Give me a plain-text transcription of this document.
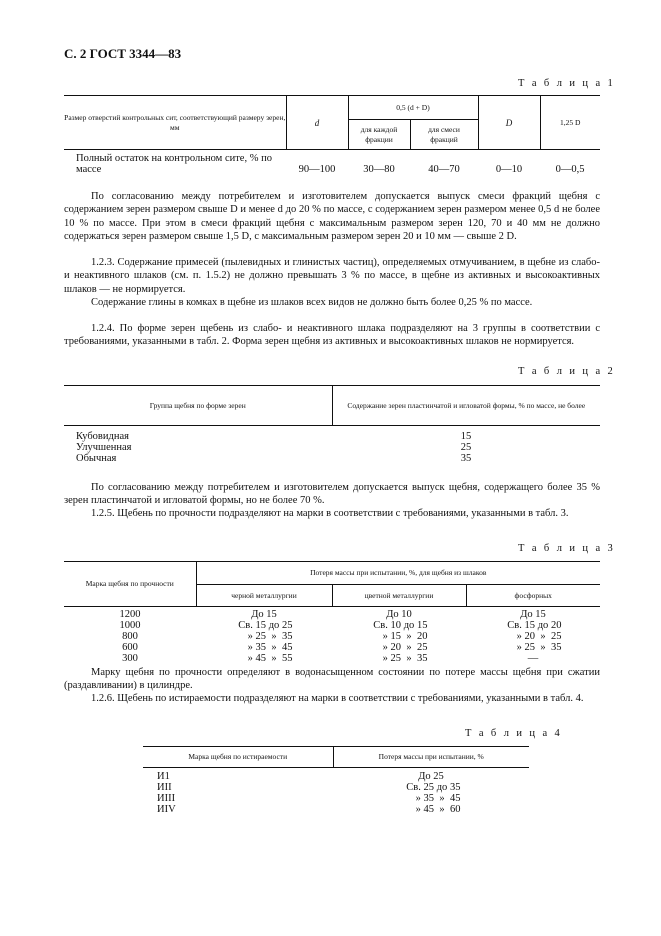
С. 2 ГОСТ 3344—83
Т а б л и ц а 1
Размер отверстий контрольных сит, соответствующий размеру зерен, мм	d	0,5 (d + D)		D	1,25 D
		для каждой фракции	для смеси фракций		
Полный остаток на контрольном сите, % по массе	90—100	30—80	40—70	0—10	0—0,5
По согласованию между потребителем и изготовителем допускается выпуск смеси фракций щебня с содержанием зерен размером свыше D и менее d до 20 % по массе, с содержанием зерен размером менее 0,5 d не более 10 % по массе. При этом в смеси фракций щебня с максимальным размером зерен 120, 70 и 40 мм не должно содержаться зерен размером свыше 1,5 D, с максимальным размером зерен 20 и 10 мм — свыше 2 D.
1.2.3. Содержание примесей (пылевидных и глинистых частиц), определяемых отмучиванием, в щебне из слабо- и неактивного шлаков (см. п. 1.5.2) не должно превышать 3 % по массе, в щебне из активных и высокоактивных шлаков — не нормируется.
Содержание глины в комках в щебне из шлаков всех видов не должно быть более 0,25 % по массе.
1.2.4. По форме зерен щебень из слабо- и неактивного шлака подразделяют на 3 группы в соответствии с требованиями, указанными в табл. 2. Форма зерен щебня из активных и высокоактивных шлаков не нормируется.
Т а б л и ц а 2
Группа щебня по форме зерен	Содержание зерен пластинчатой и игловатой формы, % по массе, не более
Кубовидная	15
Улучшенная	25
Обычная	35
По согласованию между потребителем и изготовителем допускается выпуск щебня, содержащего более 35 % зерен пластинчатой и игловатой формы, но не более 70 %.
1.2.5. Щебень по прочности подразделяют на марки в соответствии с требованиями, указанными в табл. 3.
Т а б л и ц а 3
Марка щебня по прочности	Потеря массы при испытании, %, для щебня из шлаков		
	черной металлургии	цветной металлургии	фосфорных
1200	До 15	До 10	До 15
1000	Св. 15 до 25	Св. 10 до 15	Св. 15 до 20
800	» 25 » 35	» 15 » 20	» 20 » 25
600	» 35 » 45	» 20 » 25	» 25 » 35
300	» 45 » 55	» 25 » 35	—
Марку щебня по прочности определяют в водонасыщенном состоянии по потере массы щебня при сжатии (раздавливании) в цилиндре.
1.2.6. Щебень по истираемости подразделяют на марки в соответствии с требованиями, указанными в табл. 4.
Т а б л и ц а 4
Марка щебня по истираемости	Потеря массы при испытании, %
И1	До 25
ИII	Св. 25 до 35
ИIII	» 35 » 45
ИIV	» 45 » 60
